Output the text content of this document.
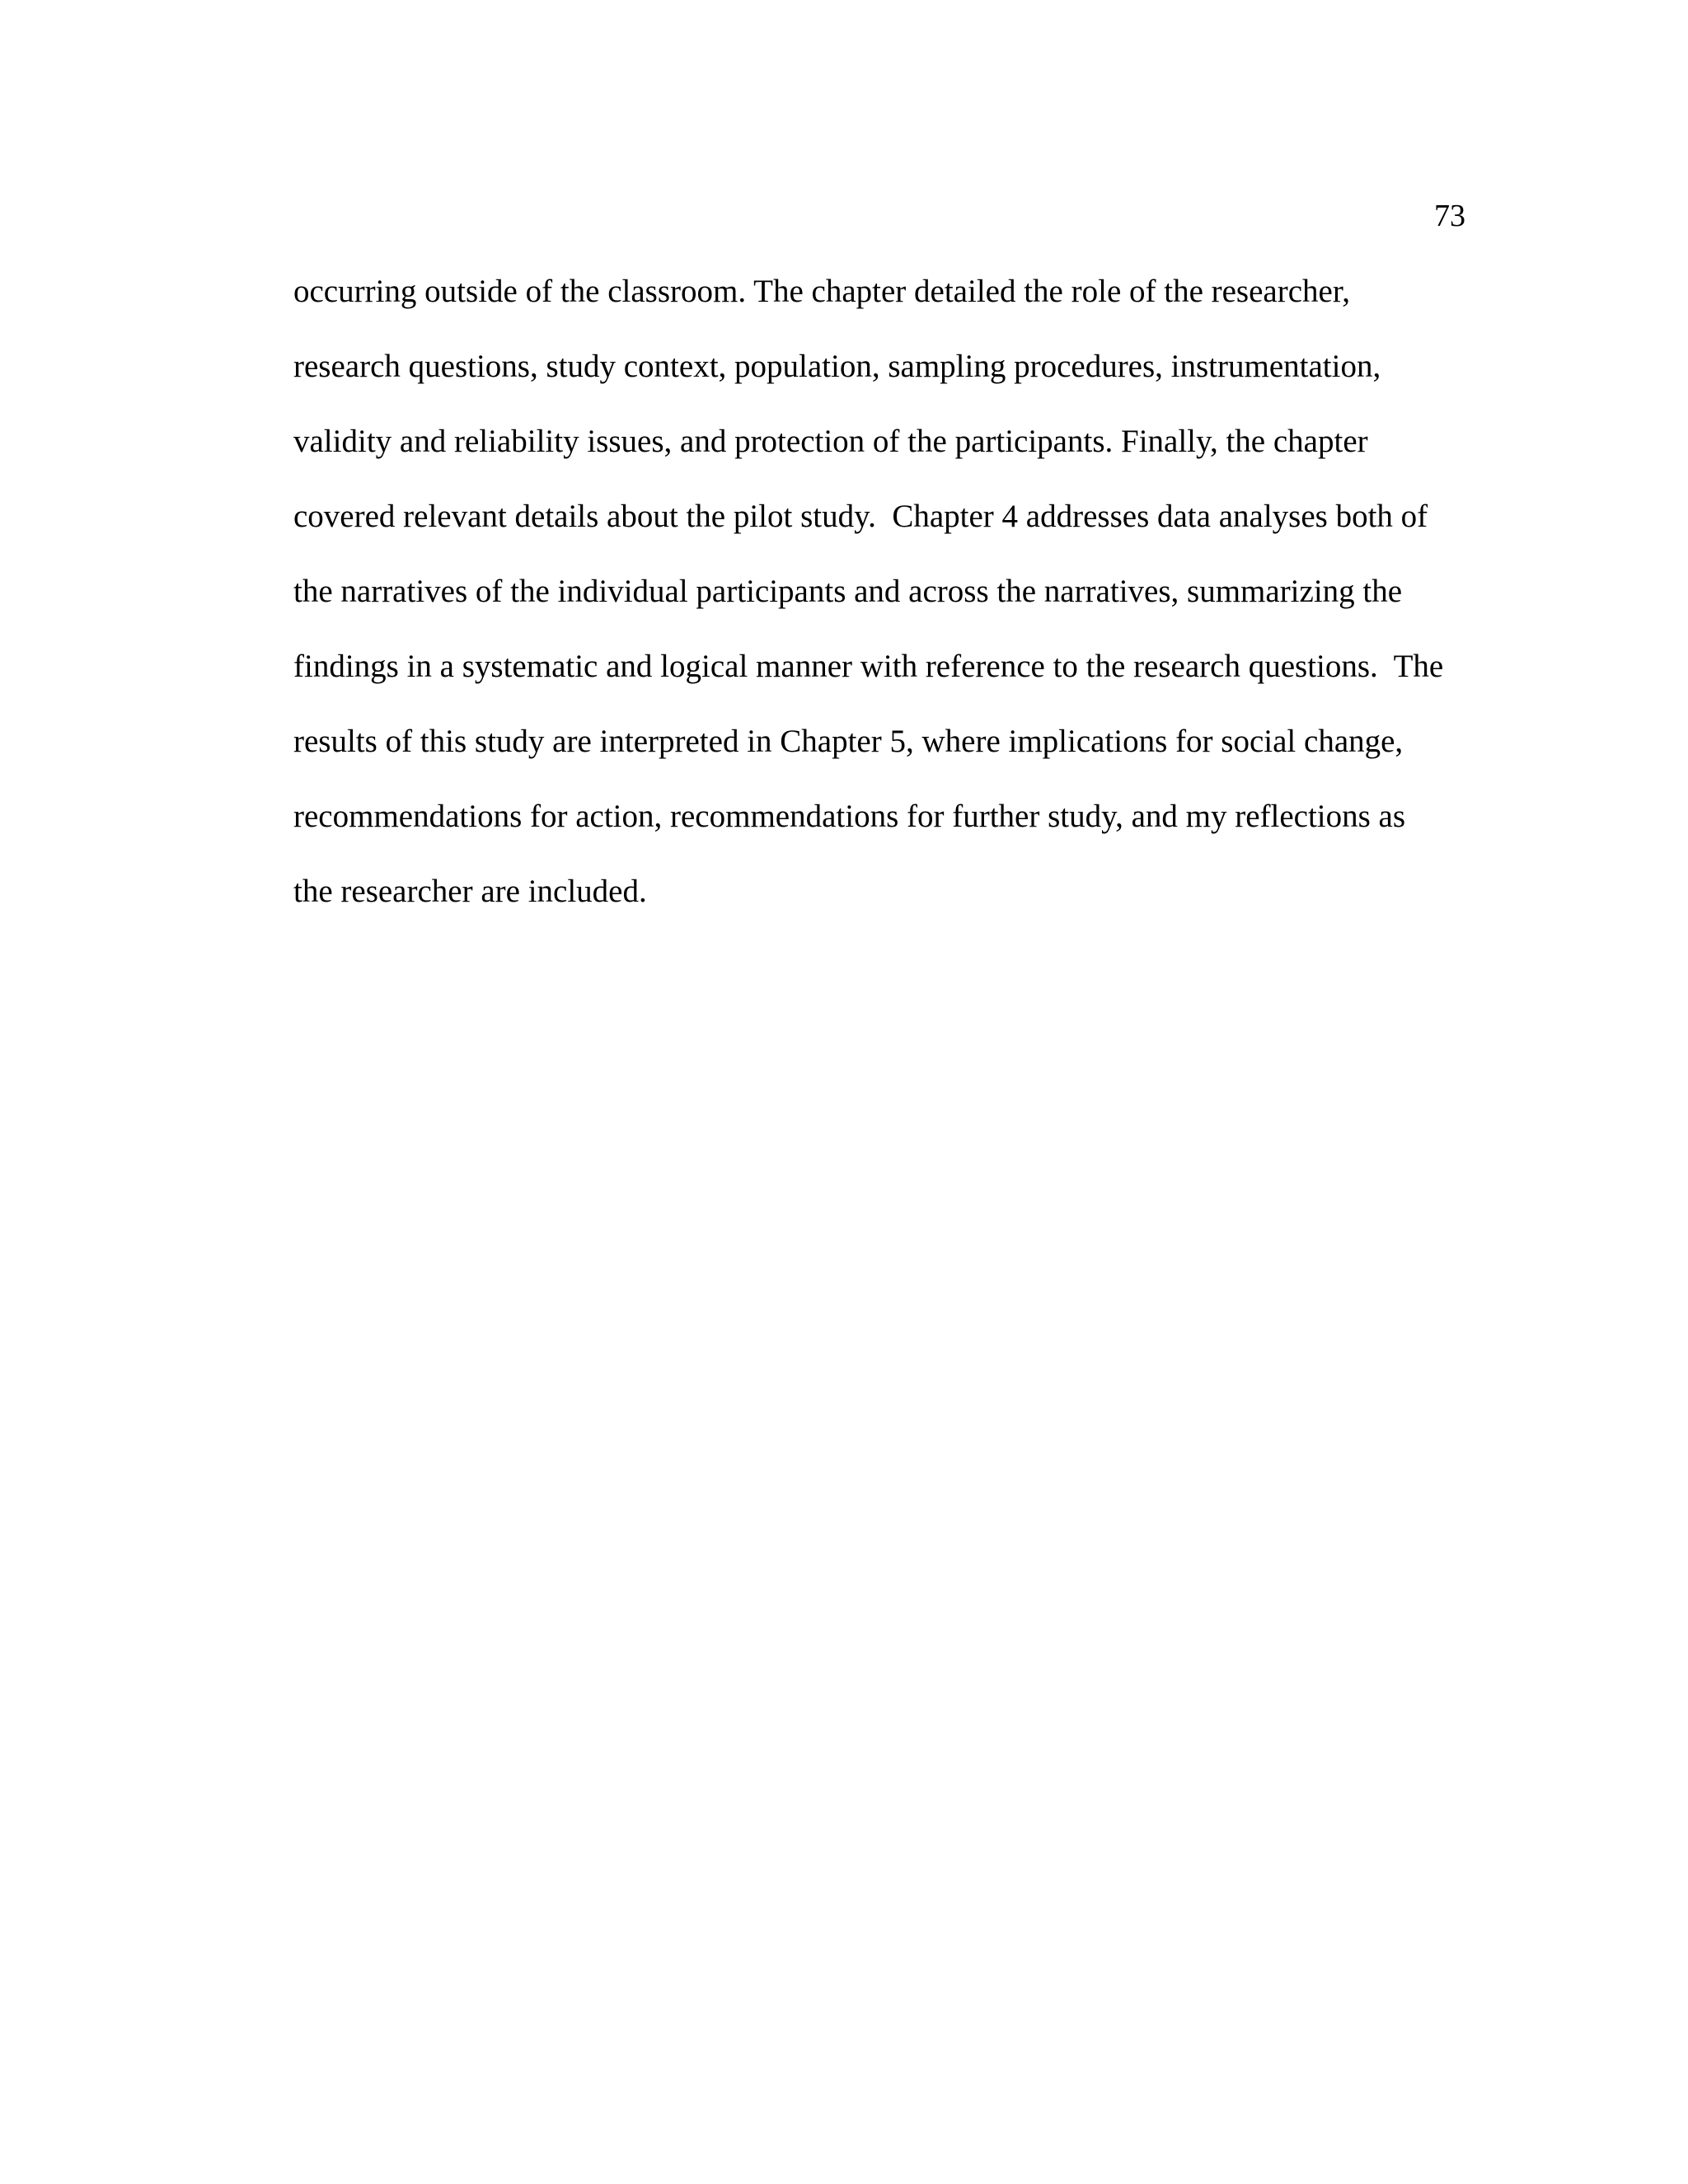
73
occurring outside of the classroom. The chapter detailed the role of the researcher,
research questions, study context, population, sampling procedures, instrumentation,
validity and reliability issues, and protection of the participants. Finally, the chapter
covered relevant details about the pilot study.  Chapter 4 addresses data analyses both of
the narratives of the individual participants and across the narratives, summarizing the
findings in a systematic and logical manner with reference to the research questions.  The
results of this study are interpreted in Chapter 5, where implications for social change,
recommendations for action, recommendations for further study, and my reflections as
the researcher are included.
